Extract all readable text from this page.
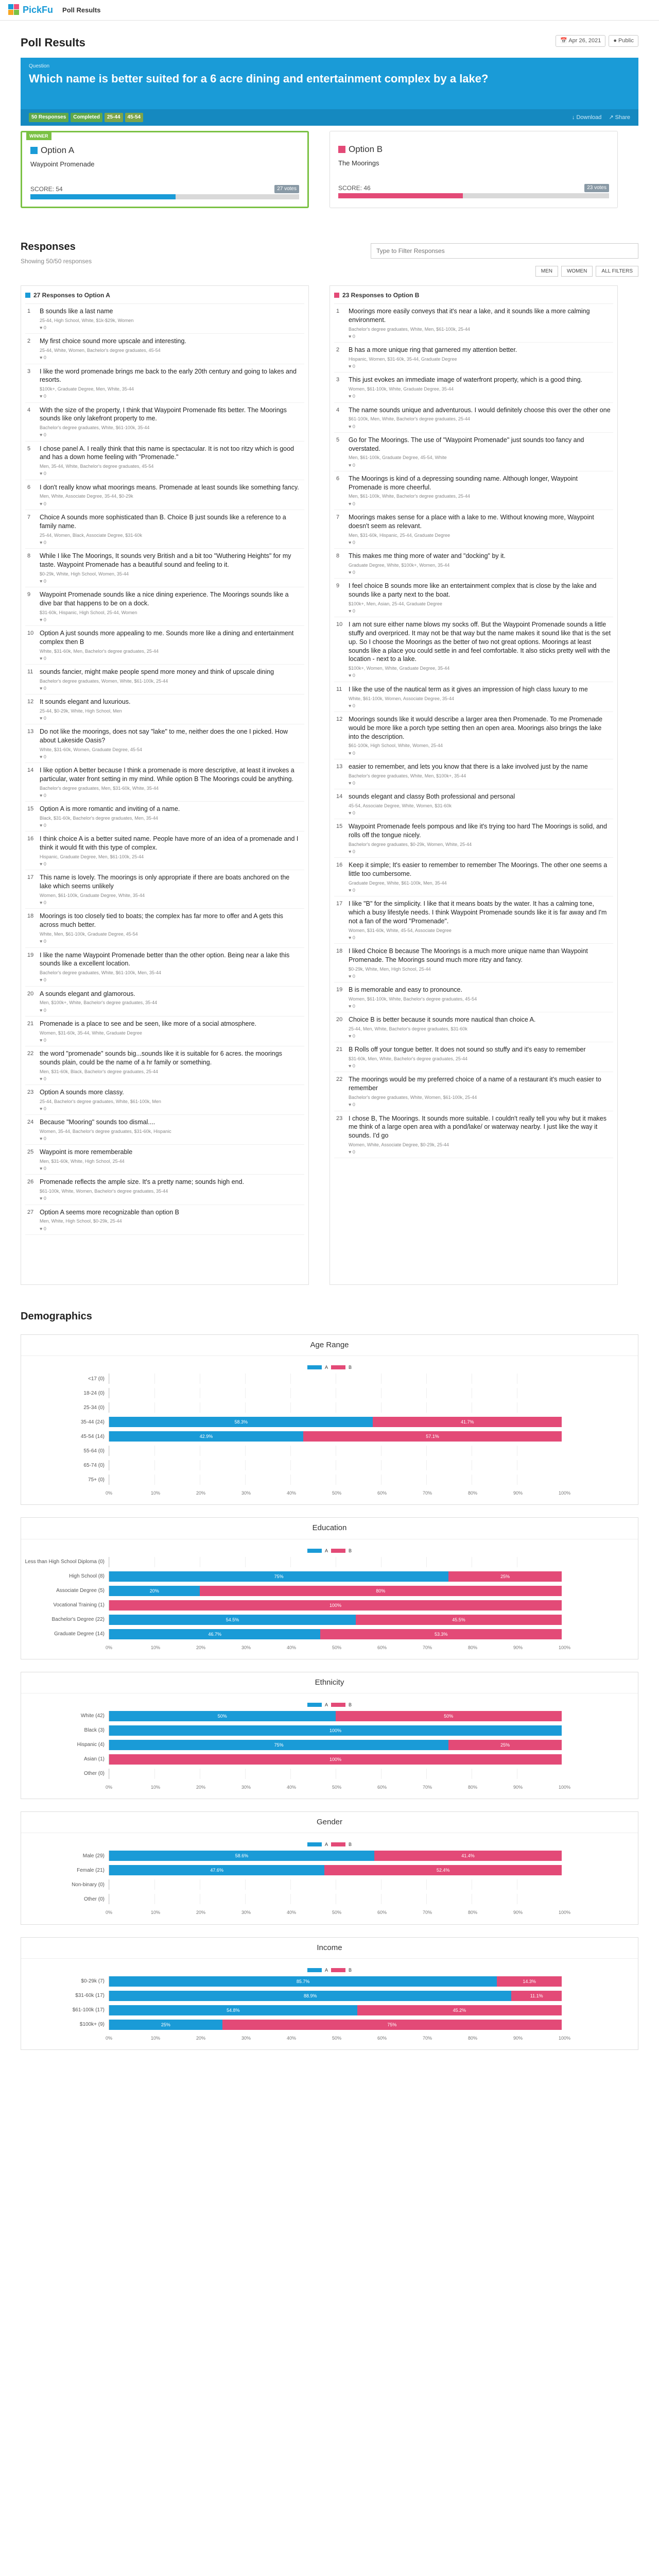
PickFu Poll Results
Poll Results	📅 Apr 26, 2021	● Public
Question
Which name is better suited for a 6 acre dining and entertainment complex by a lake?
50 Responses	Completed	25-44	45-54	↓ Download ↗ Share
WINNER
Option A
Waypoint Promenade
SCORE: 54	27 votes
Option B
The Moorings
SCORE: 46	23 votes
Responses
Showing 50/50 responses
Type to Filter Responses
MEN	WOMEN	ALL FILTERS
27 Responses to Option A
1	B sounds like a last name
25-44, High School, White, $1k-$29k, Women
♥ 0
2	My first choice sound more upscale and interesting.
25-44, White, Women, Bachelor's degree graduates, 45-54
♥ 0
3	I like the word promenade brings me back to the early 20th century and going to lakes and resorts.
$100k+, Graduate Degree, Men, White, 35-44
♥ 0
4	With the size of the property, I think that Waypoint Promenade fits better. The Moorings sounds like only lakefront property to me.
Bachelor's degree graduates, White, $61-100k, 35-44
♥ 0
5	I chose panel A. I really think that this name is spectacular. It is not too ritzy which is good and has a down home feeling with "Promenade."
Men, 35-44, White, Bachelor's degree graduates, 45-54
♥ 0
6	I don't really know what moorings means. Promenade at least sounds like something fancy.
Men, White, Associate Degree, 35-44, $0-29k
♥ 0
7	Choice A sounds more sophisticated than B. Choice B just sounds like a reference to a family name.
25-44, Women, Black, Associate Degree, $31-60k
♥ 0
8	While I like The Moorings, It sounds very British and a bit too "Wuthering Heights" for my taste. Waypoint Promenade has a beautiful sound and feeling to it.
$0-29k, White, High School, Women, 35-44
♥ 0
9	Waypoint Promenade sounds like a nice dining experience. The Moorings sounds like a dive bar that happens to be on a dock.
$31-60k, Hispanic, High School, 25-44, Women
♥ 0
10 Option A just sounds more appealing to me. Sounds more like a dining and entertainment complex then B
White, $31-60k, Men, Bachelor's degree graduates, 25-44
♥ 0
11 sounds fancier, might make people spend more money and think of upscale dining
Bachelor's degree graduates, Women, White, $61-100k, 25-44
♥ 0
12 It sounds elegant and luxurious.
25-44, $0-29k, White, High School, Men
♥ 0
13 Do not like the moorings, does not say "lake" to me, neither does the one I picked. How about Lakeside Oasis?
White, $31-60k, Women, Graduate Degree, 45-54
♥ 0
14 I like option A better because I think a promenade is more descriptive, at least it invokes a particular, water front setting in my mind. While option B The Moorings could be anything.
Bachelor's degree graduates, Men, $31-60k, White, 35-44
♥ 0
15 Option A is more romantic and inviting of a name.
Black, $31-60k, Bachelor's degree graduates, Men, 35-44
♥ 0
16 I think choice A is a better suited name. People have more of an idea of a promenade and I think it would fit with this type of complex.
Hispanic, Graduate Degree, Men, $61-100k, 25-44
♥ 0
17 This name is lovely. The moorings is only appropriate if there are boats anchored on the lake which seems unlikely
Women, $61-100k, Graduate Degree, White, 35-44
♥ 0
18 Moorings is too closely tied to boats; the complex has far more to offer and A gets this across much better.
White, Men, $61-100k, Graduate Degree, 45-54
♥ 0
19 I like the name Waypoint Promenade better than the other option. Being near a lake this sounds like a excellent location.
Bachelor's degree graduates, White, $61-100k, Men, 35-44
♥ 0
20 A sounds elegant and glamorous.
Men, $100k+, White, Bachelor's degree graduates, 35-44
♥ 0
21 Promenade is a place to see and be seen, like more of a social atmosphere.
Women, $31-60k, 35-44, White, Graduate Degree
♥ 0
22 the word "promenade" sounds big...sounds like it is suitable for 6 acres. the moorings sounds plain, could be the name of a hr family or something.
Men, $31-60k, Black, Bachelor's degree graduates, 25-44
♥ 0
23 Option A sounds more classy.
25-44, Bachelor's degree graduates, White, $61-100k, Men
♥ 0
24 Because "Mooring" sounds too dismal....
Women, 35-44, Bachelor's degree graduates, $31-60k, Hispanic
♥ 0
25 Waypoint is more rememberable
Men, $31-60k, White, High School, 25-44
♥ 0
26 Promenade reflects the ample size. It's a pretty name; sounds high end.
$61-100k, White, Women, Bachelor's degree graduates, 35-44
♥ 0
27 Option A seems more recognizable than option B
Men, White, High School, $0-29k, 25-44
♥ 0
23 Responses to Option B
1	Moorings more easily conveys that it's near a lake, and it sounds like a more calming environment.
Bachelor's degree graduates, White, Men, $61-100k, 25-44
♥ 0
2	B has a more unique ring that garnered my attention better.
Hispanic, Women, $31-60k, 35-44, Graduate Degree
♥ 0
3	This just evokes an immediate image of waterfront property, which is a good thing.
Women, $61-100k, White, Graduate Degree, 35-44
♥ 0
4	The name sounds unique and adventurous. I would definitely choose this over the other one
$61-100k, Men, White, Bachelor's degree graduates, 25-44
♥ 0
5	Go for The Moorings. The use of "Waypoint Promenade" just sounds too fancy and overstated.
Men, $61-100k, Graduate Degree, 45-54, White
♥ 0
6	The Moorings is kind of a depressing sounding name. Although longer, Waypoint Promenade is more cheerful.
Men, $61-100k, White, Bachelor's degree graduates, 25-44
♥ 0
7	Moorings makes sense for a place with a lake to me. Without knowing more, Waypoint doesn't seem as relevant.
Men, $31-60k, Hispanic, 25-44, Graduate Degree
♥ 0
8	This makes me thing more of water and "docking" by it.
Graduate Degree, White, $100k+, Women, 35-44
♥ 0
9	I feel choice B sounds more like an entertainment complex that is close by the lake and sounds like a party next to the boat.
$100k+, Men, Asian, 25-44, Graduate Degree
♥ 0
10 I am not sure either name blows my socks off. But the Waypoint Promenade sounds a little stuffy and overpriced. It may not be that way but the name makes it sound like that is the set up. So I choose the Moorings as the better of two not great options. Moorings at least sounds like a place you could settle in and feel comfortable. It also sticks pretty well with the location - next to a lake.
$100k+, Women, White, Graduate Degree, 35-44
♥ 0
11 I like the use of the nautical term as it gives an impression of high class luxury to me
White, $61-100k, Women, Associate Degree, 35-44
♥ 0
12 Moorings sounds like it would describe a larger area then Promenade. To me Promenade would be more like a porch type setting then an open area. Moorings also brings the lake into the description.
$61-100k, High School, White, Women, 25-44
♥ 0
13 easier to remember, and lets you know that there is a lake involved just by the name
Bachelor's degree graduates, White, Men, $100k+, 35-44
♥ 0
14 sounds elegant and classy Both professional and personal
45-54, Associate Degree, White, Women, $31-60k
♥ 0
15 Waypoint Promenade feels pompous and like it's trying too hard The Moorings is solid, and rolls off the tongue nicely.
Bachelor's degree graduates, $0-29k, Women, White, 25-44
♥ 0
16 Keep it simple; It's easier to remember to remember The Moorings. The other one seems a little too cumbersome.
Graduate Degree, White, $61-100k, Men, 35-44
♥ 0
17 I like "B" for the simplicity. I like that it means boats by the water. It has a calming tone, which a busy lifestyle needs. I think Waypoint Promenade sounds like it is far away and I'm not a fan of the word "Promenade".
Women, $31-60k, White, 45-54, Associate Degree
♥ 0
18 I liked Choice B because The Moorings is a much more unique name than Waypoint Promenade. The Moorings sound much more ritzy and fancy.
$0-29k, White, Men, High School, 25-44
♥ 0
19 B is memorable and easy to pronounce.
Women, $61-100k, White, Bachelor's degree graduates, 45-54
♥ 0
20 Choice B is better because it sounds more nautical than choice A.
25-44, Men, White, Bachelor's degree graduates, $31-60k
♥ 0
21 B Rolls off your tongue better. It does not sound so stuffy and it's easy to remember
$31-60k, Men, White, Bachelor's degree graduates, 25-44
♥ 0
22 The moorings would be my preferred choice of a name of a restaurant it's much easier to remember
Bachelor's degree graduates, White, Women, $61-100k, 25-44
♥ 0
23 I chose B, The Moorings. It sounds more suitable. I couldn't really tell you why but it makes me think of a large open area with a pond/lake/ or waterway nearby. I just like the way it sounds. I'd go
Women, White, Associate Degree, $0-29k, 25-44
♥ 0
Demographics
Age Range
A	B
<17 (0)
18-24 (0)
25-34 (0)
35-44 (24)	58.3%	41.7%
45-54 (14)	42.9%	57.1%
55-64 (0)
65-74 (0)
75+ (0)
0%	10%	20%	30%	40%	50%	60%	70%	80%	90%	100%
Education
A	B
Less than High School Diploma (0)
High School (8)	75%	25%
Associate Degree (5)	20%	80%
Vocational Training (1)	100%
Bachelor's Degree (22)	54.5%	45.5%
Graduate Degree (14)	46.7%	53.3%
0%	10%	20%	30%	40%	50%	60%	70%	80%	90%	100%
Ethnicity
A	B
White (42)	50%	50%
Black (3)	100%
Hispanic (4)	75%	25%
Asian (1)	100%
Other (0)
0%	10%	20%	30%	40%	50%	60%	70%	80%	90%	100%
Gender
A	B
Male (29)	58.6%	41.4%
Female (21)	47.6%	52.4%
Non-binary (0)
Other (0)
0%	10%	20%	30%	40%	50%	60%	70%	80%	90%	100%
Income
A	B
$0-29k (7)	85.7%	14.3%
$31-60k (17)	88.9%	11.1%
$61-100k (17)	54.8%	45.2%
$100k+ (9)	25%	75%
0%	10%	20%	30%	40%	50%	60%	70%	80%	90%	100%
